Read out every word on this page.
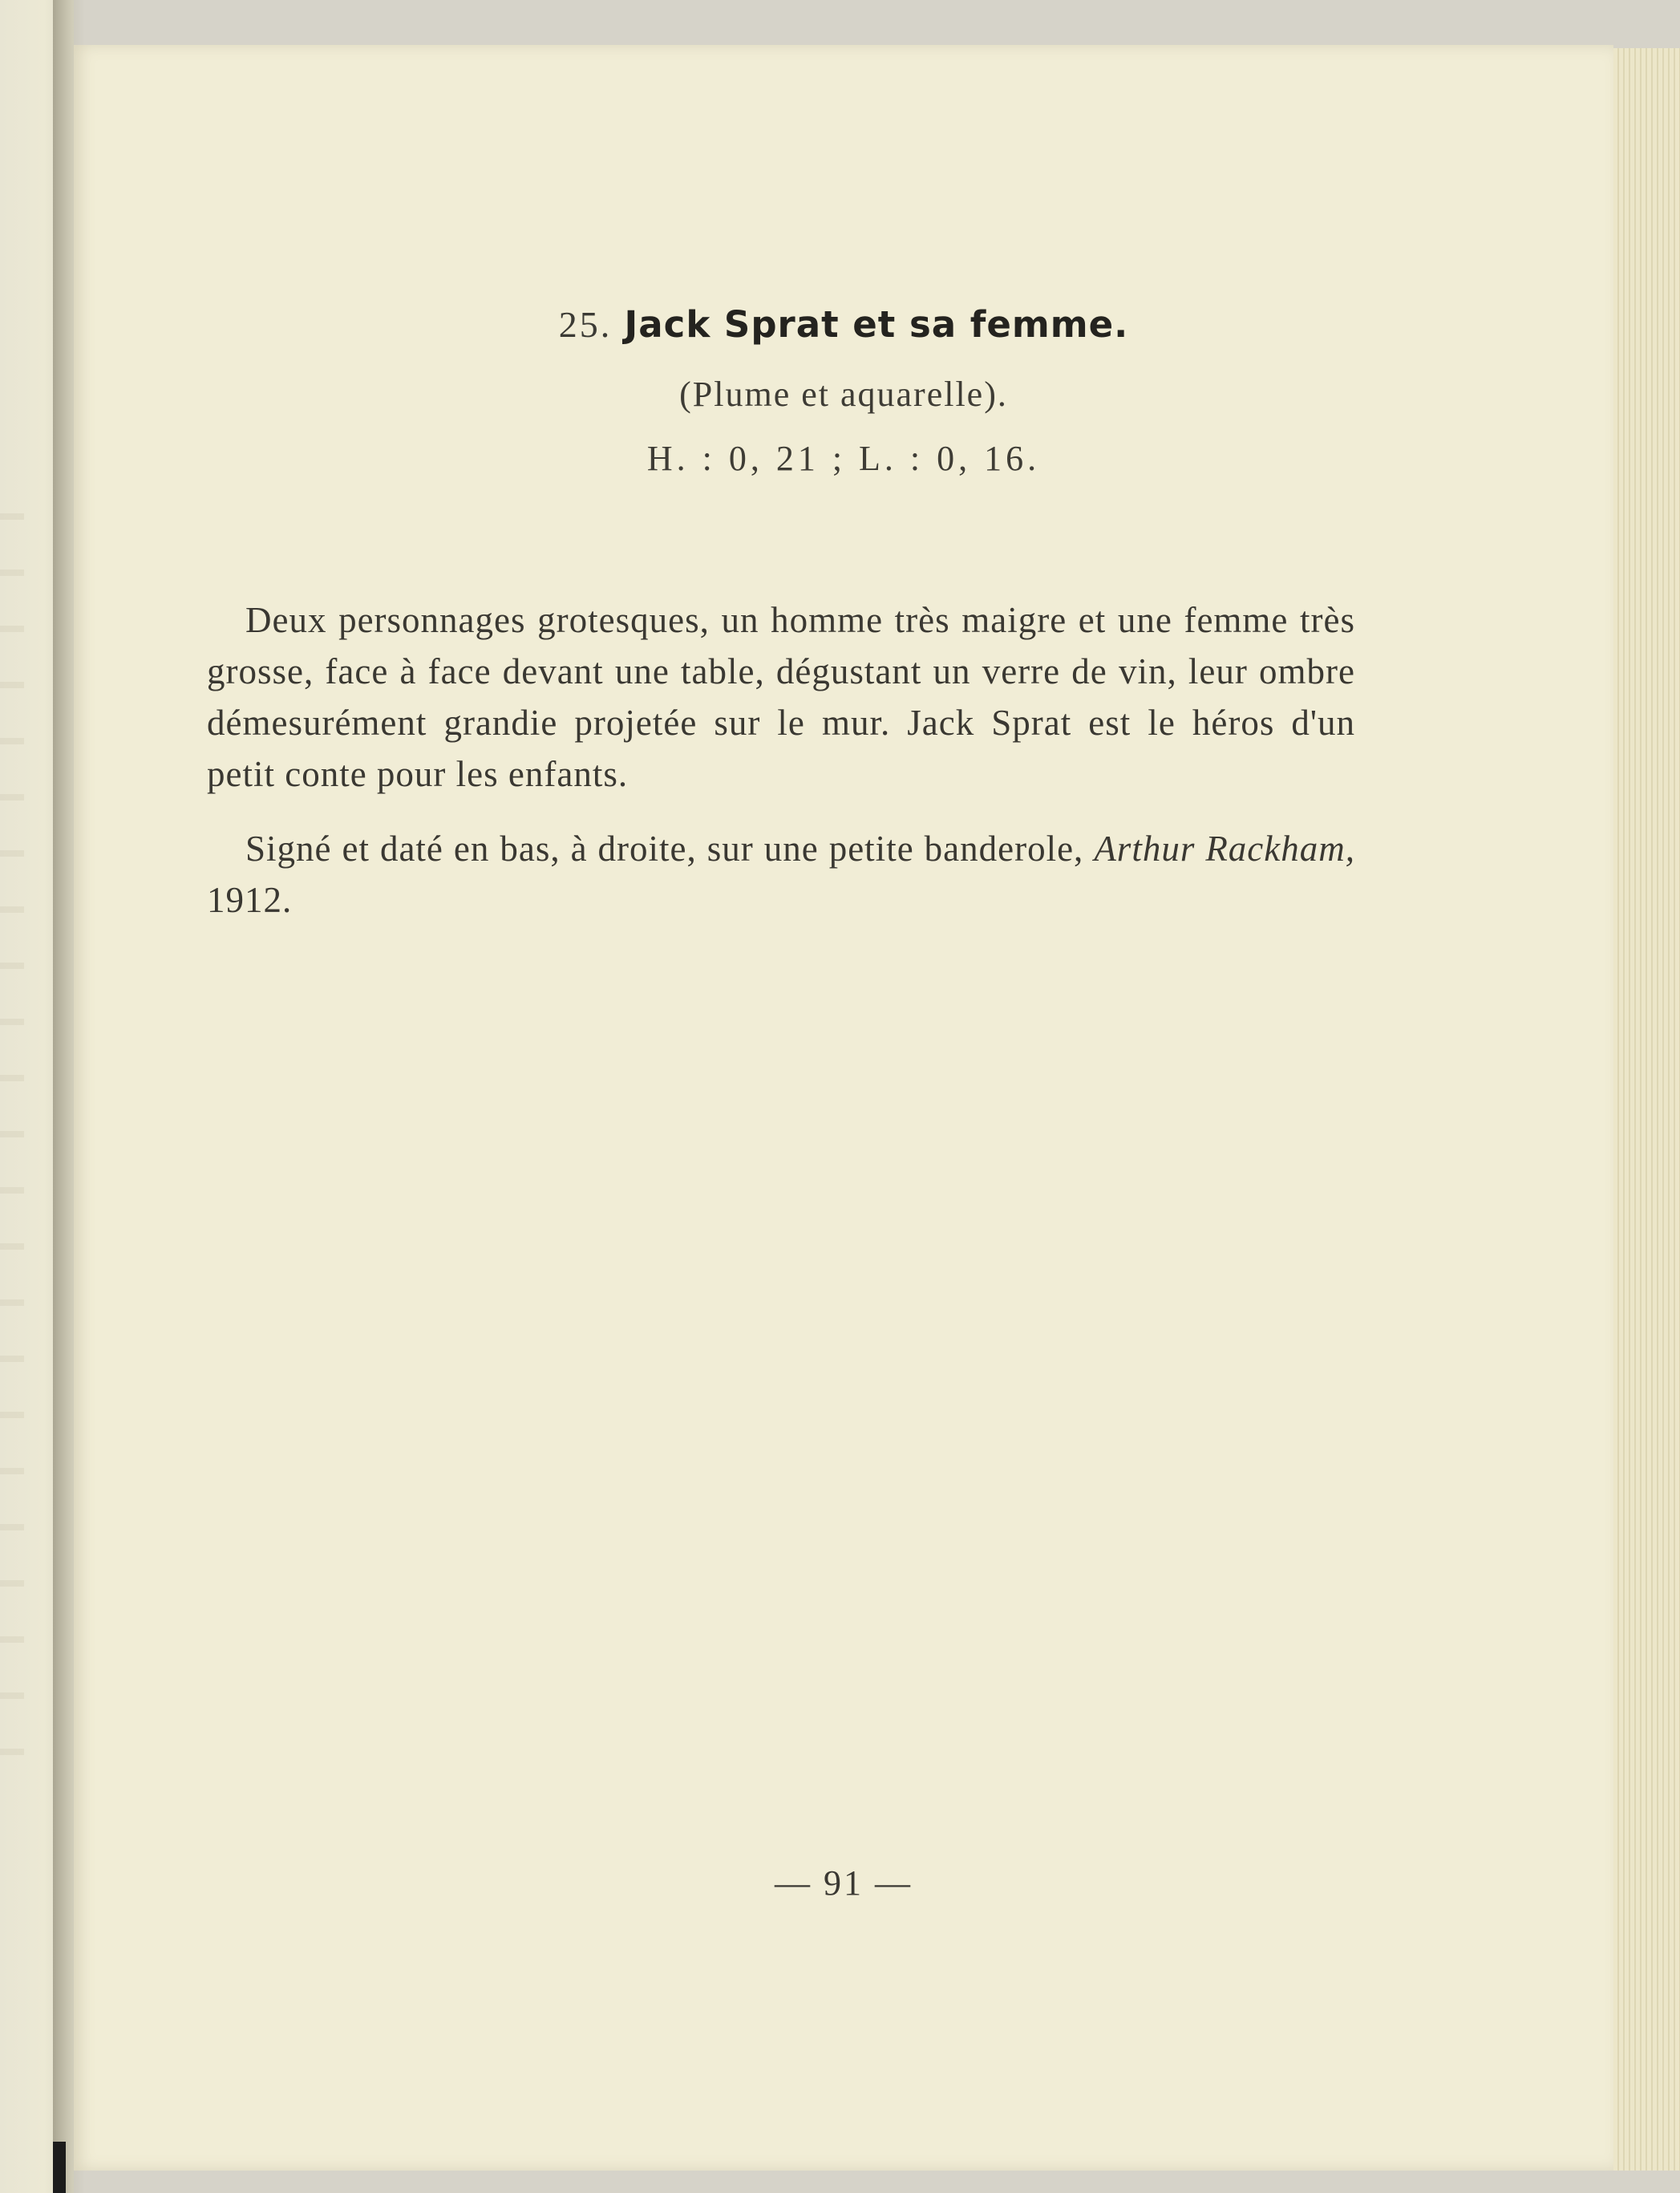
25. Jack Sprat et sa femme.
(Plume et aquarelle).
H. : 0, 21 ; L. : 0, 16.

Deux personnages grotesques, un homme très maigre et une femme très grosse, face à face devant une table, dégustant un verre de vin, leur ombre démesurément grandie projetée sur le mur. Jack Sprat est le héros d'un petit conte pour les enfants.

Signé et daté en bas, à droite, sur une petite banderole, Arthur Rackham, 1912.

— 91 —
